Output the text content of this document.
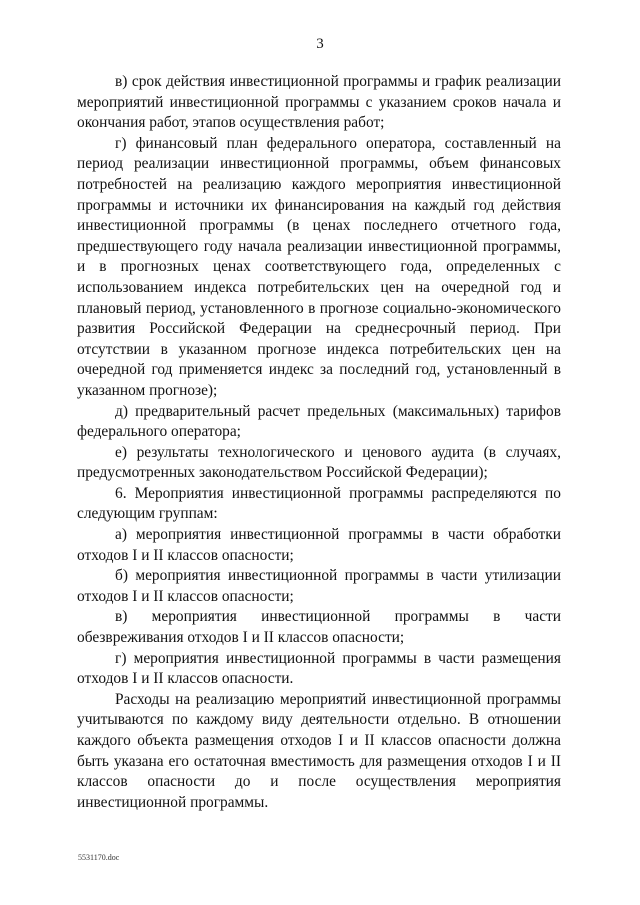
3

в) срок действия инвестиционной программы и график реализации мероприятий инвестиционной программы с указанием сроков начала и окончания работ, этапов осуществления работ;

г) финансовый план федерального оператора, составленный на период реализации инвестиционной программы, объем финансовых потребностей на реализацию каждого мероприятия инвестиционной программы и источники их финансирования на каждый год действия инвестиционной программы (в ценах последнего отчетного года, предшествующего году начала реализации инвестиционной программы, и в прогнозных ценах соответствующего года, определенных с использованием индекса потребительских цен на очередной год и плановый период, установленного в прогнозе социально-экономического развития Российской Федерации на среднесрочный период. При отсутствии в указанном прогнозе индекса потребительских цен на очередной год применяется индекс за последний год, установленный в указанном прогнозе);

д) предварительный расчет предельных (максимальных) тарифов федерального оператора;

е) результаты технологического и ценового аудита (в случаях, предусмотренных законодательством Российской Федерации);

6. Мероприятия инвестиционной программы распределяются по следующим группам:

а) мероприятия инвестиционной программы в части обработки отходов I и II классов опасности;

б) мероприятия инвестиционной программы в части утилизации отходов I и II классов опасности;

в) мероприятия инвестиционной программы в части обезвреживания отходов I и II классов опасности;

г) мероприятия инвестиционной программы в части размещения отходов I и II классов опасности.

Расходы на реализацию мероприятий инвестиционной программы учитываются по каждому виду деятельности отдельно. В отношении каждого объекта размещения отходов I и II классов опасности должна быть указана его остаточная вместимость для размещения отходов I и II классов опасности до и после осуществления мероприятия инвестиционной программы.

5531170.doc
